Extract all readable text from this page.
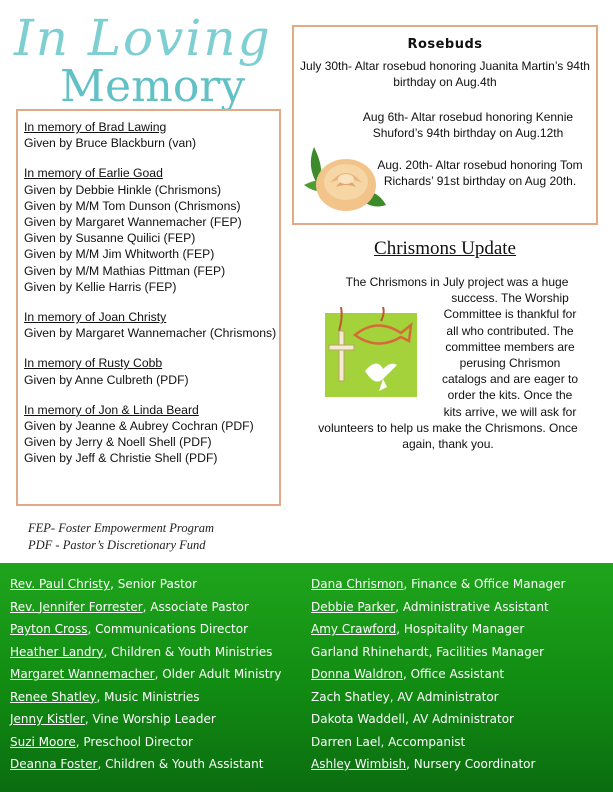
In Loving
Memory
In memory of Brad Lawing
Given by Bruce Blackburn (van)
In memory of Earlie Goad
Given by Debbie Hinkle (Chrismons)
Given by M/M Tom Dunson (Chrismons)
Given by Margaret Wannemacher (FEP)
Given by Susanne Quilici (FEP)
Given by M/M Jim Whitworth (FEP)
Given by M/M Mathias Pittman (FEP)
Given by Kellie Harris (FEP)
In memory of Joan Christy
Given by Margaret Wannemacher (Chrismons)
In memory of Rusty Cobb
Given by Anne Culbreth (PDF)
In memory of Jon & Linda Beard
Given by Jeanne & Aubrey Cochran (PDF)
Given by Jerry & Noell Shell (PDF)
Given by Jeff & Christie Shell (PDF)
FEP- Foster Empowerment Program
PDF - Pastor’s Discretionary Fund
Rosebuds
July 30th- Altar rosebud honoring Juanita Martin’s 94th birthday on Aug.4th
Aug 6th- Altar rosebud honoring Kennie Shuford’s 94th birthday on Aug.12th
Aug. 20th- Altar rosebud honoring Tom Richards’ 91st birthday on Aug 20th.
Chrismons Update
The Chrismons in July project was a huge
success. The Worship
Committee is thankful for
all who contributed. The
committee members are
perusing Chrismon
catalogs and are eager to
order the kits. Once the
kits arrive, we will ask for
volunteers to help us make the Chrismons. Once again, thank you.
Rev. Paul Christy, Senior Pastor
Rev. Jennifer Forrester, Associate Pastor
Payton Cross, Communications Director
Heather Landry, Children & Youth Ministries
Margaret Wannemacher, Older Adult Ministry
Renee Shatley, Music Ministries
Jenny Kistler, Vine Worship Leader
Suzi Moore, Preschool Director
Deanna Foster, Children & Youth Assistant
Dana Chrismon, Finance & Office Manager
Debbie Parker, Administrative Assistant
Amy Crawford, Hospitality Manager
Garland Rhinehardt, Facilities Manager
Donna Waldron, Office Assistant
Zach Shatley, AV Administrator
Dakota Waddell, AV Administrator
Darren Lael, Accompanist
Ashley Wimbish, Nursery Coordinator
